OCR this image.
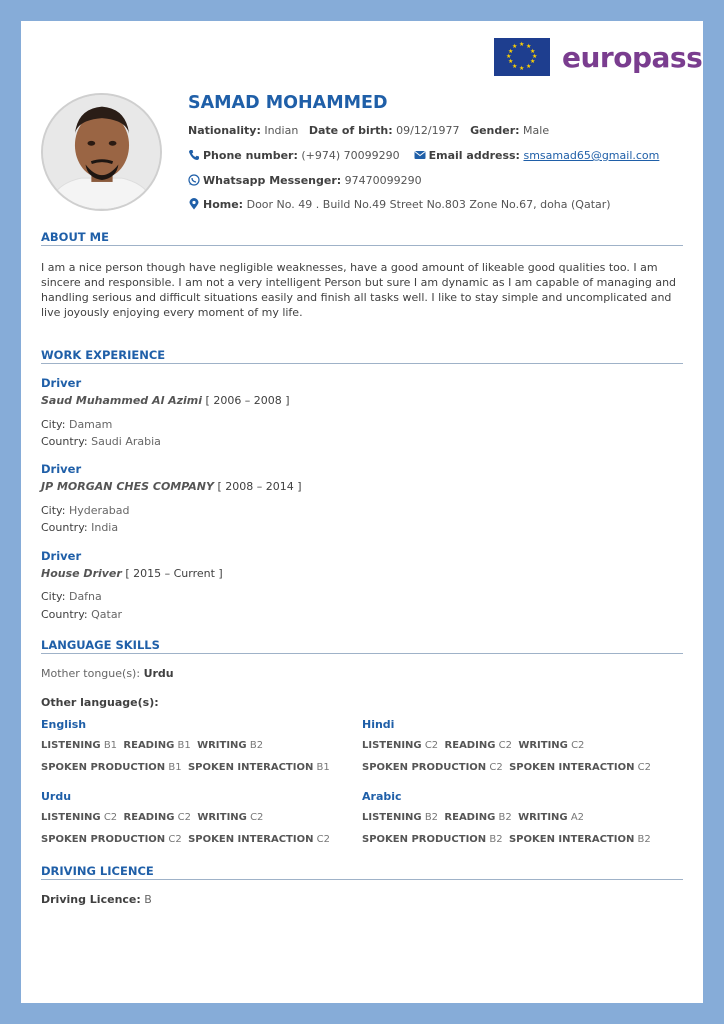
★ ★
★
★
★
★
★
★
★
★
★
★ europass
SAMAD MOHAMMED
Nationality: Indian Date of birth: 09/12/1977 Gender: Male
Phone number: (+974) 70099290	Email address: smsamad65@gmail.com
Whatsapp Messenger: 97470099290
Home: Door No. 49 . Build No.49 Street No.803 Zone No.67, doha (Qatar)
ABOUT ME
I am a nice person though have negligible weaknesses, have a good amount of likeable good qualities too. I am sincere and responsible. I am not a very intelligent Person but sure I am dynamic as I am capable of managing and handling serious and difficult situations easily and finish all tasks well. I like to stay simple and uncomplicated and live joyously enjoying every moment of my life.
WORK EXPERIENCE
Driver
Saud Muhammed Al Azimi [ 2006 – 2008 ]
City: Damam
Country: Saudi Arabia
Driver
JP MORGAN CHES COMPANY [ 2008 – 2014 ]
City: Hyderabad
Country: India
Driver
House Driver [ 2015 – Current ]
City: Dafna
Country: Qatar
LANGUAGE SKILLS
Mother tongue(s): Urdu
Other language(s):
English
LISTENING B1 READING B1 WRITING B2
SPOKEN PRODUCTION B1 SPOKEN INTERACTION B1
Hindi
LISTENING C2 READING C2 WRITING C2
SPOKEN PRODUCTION C2 SPOKEN INTERACTION C2
Urdu
LISTENING C2 READING C2 WRITING C2
SPOKEN PRODUCTION C2 SPOKEN INTERACTION C2
Arabic
LISTENING B2 READING B2 WRITING A2
SPOKEN PRODUCTION B2 SPOKEN INTERACTION B2
DRIVING LICENCE
Driving Licence: B
